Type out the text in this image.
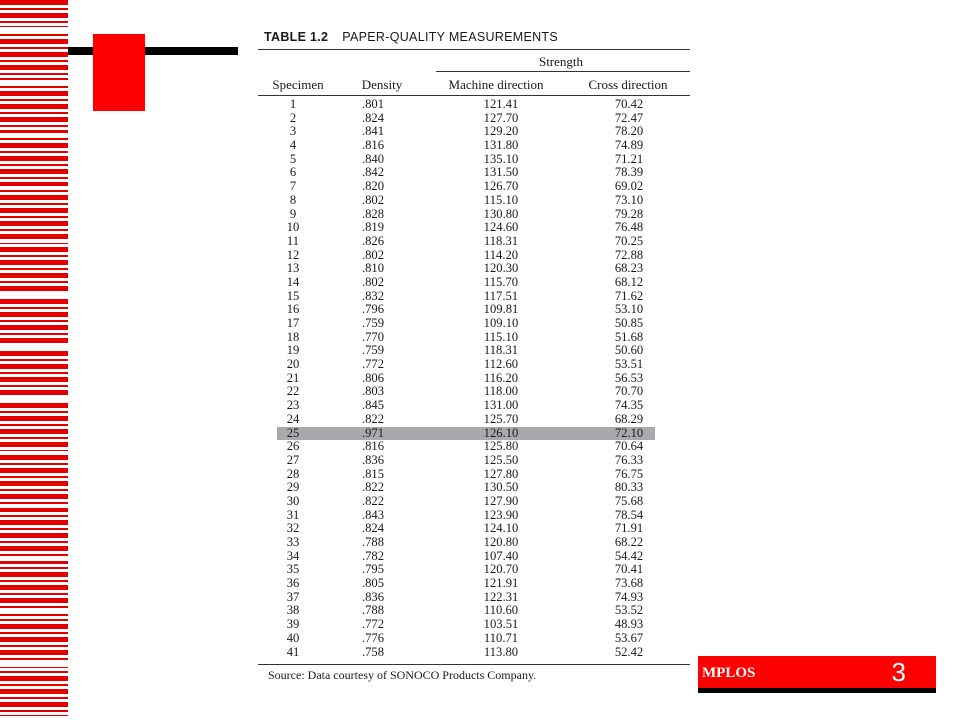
TABLE 1.2 PAPER-QUALITY MEASUREMENTS
Strength
Specimen	Density	Machine direction	Cross direction
1	.801	121.41	70.42
2	.824	127.70	72.47
3	.841	129.20	78.20
4	.816	131.80	74.89
5	.840	135.10	71.21
6	.842	131.50	78.39
7	.820	126.70	69.02
8	.802	115.10	73.10
9	.828	130.80	79.28
10	.819	124.60	76.48
11	.826	118.31	70.25
12	.802	114.20	72.88
13	.810	120.30	68.23
14	.802	115.70	68.12
15	.832	117.51	71.62
16	.796	109.81	53.10
17	.759	109.10	50.85
18	.770	115.10	51.68
19	.759	118.31	50.60
20	.772	112.60	53.51
21	.806	116.20	56.53
22	.803	118.00	70.70
23	.845	131.00	74.35
24	.822	125.70	68.29
25	.971	126.10	72.10
26	.816	125.80	70.64
27	.836	125.50	76.33
28	.815	127.80	76.75
29	.822	130.50	80.33
30	.822	127.90	75.68
31	.843	123.90	78.54
32	.824	124.10	71.91
33	.788	120.80	68.22
34	.782	107.40	54.42
35	.795	120.70	70.41
36	.805	121.91	73.68
37	.836	122.31	74.93
38	.788	110.60	53.52
39	.772	103.51	48.93
40	.776	110.71	53.67
41	.758	113.80	52.42
Source: Data courtesy of SONOCO Products Company.	MPLOS	3
